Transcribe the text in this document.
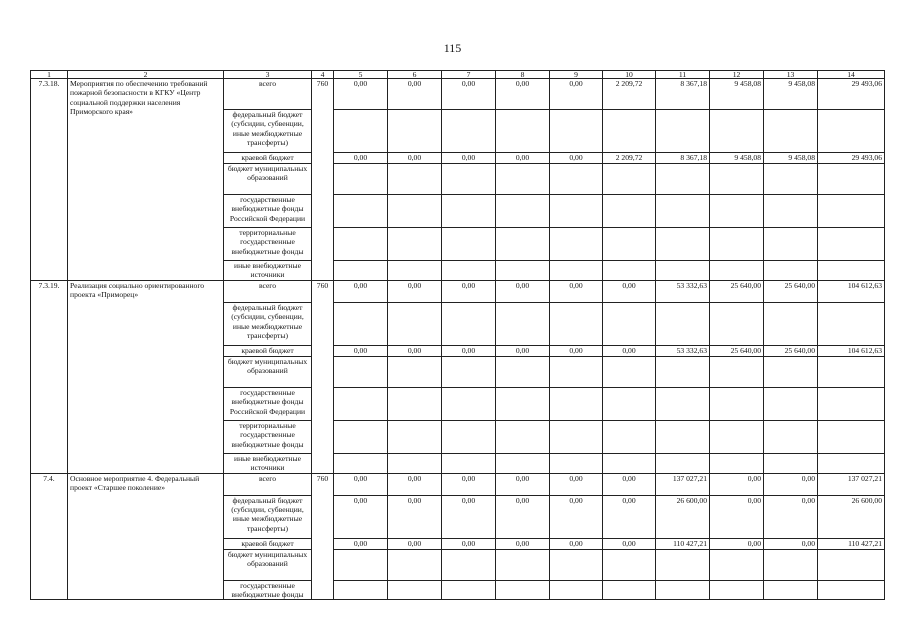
115
1	2	3	4	5	6	7	8	9	10	11	12	13	14
7.3.18.	Мероприятия по обеспечению требований пожарной безопасности в КГКУ «Центр социальной поддержки населения Приморского края»	всего	760	0,00	0,00	0,00	0,00	0,00	2 209,72	8 367,18	9 458,08	9 458,08	29 493,06
		федеральный бюджет (субсидии, субвенции, иные межбюджетные трансферты)											
		краевой бюджет		0,00	0,00	0,00	0,00	0,00	2 209,72	8 367,18	9 458,08	9 458,08	29 493,06
		бюджет муниципальных образований											
		государственные внебюджетные фонды Российской Федерации											
		территориальные государственные внебюджетные фонды											
		иные внебюджетные источники											
7.3.19.	Реализация социально ориентированного проекта «Приморец»	всего	760	0,00	0,00	0,00	0,00	0,00	0,00	53 332,63	25 640,00	25 640,00	104 612,63
		федеральный бюджет (субсидии, субвенции, иные межбюджетные трансферты)											
		краевой бюджет		0,00	0,00	0,00	0,00	0,00	0,00	53 332,63	25 640,00	25 640,00	104 612,63
		бюджет муниципальных образований											
		государственные внебюджетные фонды Российской Федерации											
		территориальные государственные внебюджетные фонды											
		иные внебюджетные источники											
7.4.	Основное мероприятие 4. Федеральный проект «Старшее поколение»	всего	760	0,00	0,00	0,00	0,00	0,00	0,00	137 027,21	0,00	0,00	137 027,21
		федеральный бюджет (субсидии, субвенции, иные межбюджетные трансферты)		0,00	0,00	0,00	0,00	0,00	0,00	26 600,00	0,00	0,00	26 600,00
		краевой бюджет		0,00	0,00	0,00	0,00	0,00	0,00	110 427,21	0,00	0,00	110 427,21
		бюджет муниципальных образований											
		государственные внебюджетные фонды											
